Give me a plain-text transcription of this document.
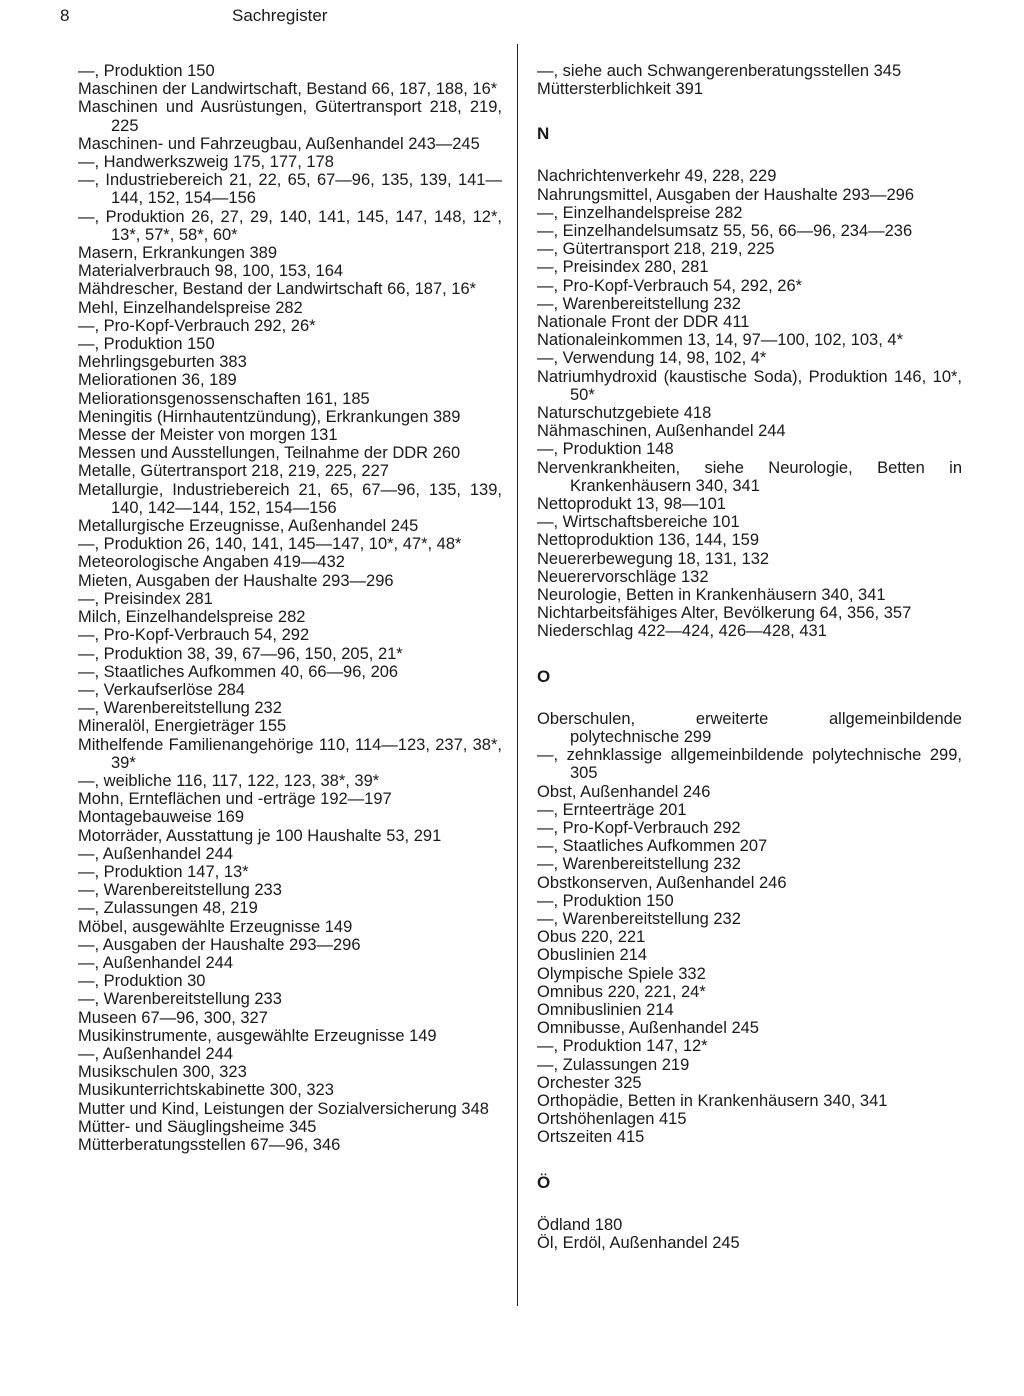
8	Sachregister

—, Produktion 150

Maschinen der Landwirtschaft, Bestand 66, 187, 188, 16*

Maschinen und Ausrüstungen, Gütertransport 218, 219, 225

Maschinen- und Fahrzeugbau, Außenhandel 243—245

—, Handwerkszweig 175, 177, 178

—, Industriebereich 21, 22, 65, 67—96, 135, 139, 141—144, 152, 154—156

—, Produktion 26, 27, 29, 140, 141, 145, 147, 148, 12*, 13*, 57*, 58*, 60*

Masern, Erkrankungen 389

Materialverbrauch 98, 100, 153, 164

Mähdrescher, Bestand der Landwirtschaft 66, 187, 16*

Mehl, Einzelhandelspreise 282

—, Pro-Kopf-Verbrauch 292, 26*

—, Produktion 150

Mehrlingsgeburten 383

Meliorationen 36, 189

Meliorationsgenossenschaften 161, 185

Meningitis (Hirnhautentzündung), Erkrankungen 389

Messe der Meister von morgen 131

Messen und Ausstellungen, Teilnahme der DDR 260

Metalle, Gütertransport 218, 219, 225, 227

Metallurgie, Industriebereich 21, 65, 67—96, 135, 139, 140, 142—144, 152, 154—156

Metallurgische Erzeugnisse, Außenhandel 245

—, Produktion 26, 140, 141, 145—147, 10*, 47*, 48*

Meteorologische Angaben 419—432

Mieten, Ausgaben der Haushalte 293—296

—, Preisindex 281

Milch, Einzelhandelspreise 282

—, Pro-Kopf-Verbrauch 54, 292

—, Produktion 38, 39, 67—96, 150, 205, 21*

—, Staatliches Aufkommen 40, 66—96, 206

—, Verkaufserlöse 284

—, Warenbereitstellung 232

Mineralöl, Energieträger 155

Mithelfende Familienangehörige 110, 114—123, 237, 38*, 39*

—, weibliche 116, 117, 122, 123, 38*, 39*

Mohn, Ernteflächen und -erträge 192—197

Montagebauweise 169

Motorräder, Ausstattung je 100 Haushalte 53, 291

—, Außenhandel 244

—, Produktion 147, 13*

—, Warenbereitstellung 233

—, Zulassungen 48, 219

Möbel, ausgewählte Erzeugnisse 149

—, Ausgaben der Haushalte 293—296

—, Außenhandel 244

—, Produktion 30

—, Warenbereitstellung 233

Museen 67—96, 300, 327

Musikinstrumente, ausgewählte Erzeugnisse 149

—, Außenhandel 244

Musikschulen 300, 323

Musikunterrichtskabinette 300, 323

Mutter und Kind, Leistungen der Sozialversicherung 348

Mütter- und Säuglingsheime 345

Mütterberatungsstellen 67—96, 346

—, siehe auch Schwangerenberatungsstellen 345

Müttersterblichkeit 391

N

Nachrichtenverkehr 49, 228, 229

Nahrungsmittel, Ausgaben der Haushalte 293—296

—, Einzelhandelspreise 282

—, Einzelhandelsumsatz 55, 56, 66—96, 234—236

—, Gütertransport 218, 219, 225

—, Preisindex 280, 281

—, Pro-Kopf-Verbrauch 54, 292, 26*

—, Warenbereitstellung 232

Nationale Front der DDR 411

Nationaleinkommen 13, 14, 97—100, 102, 103, 4*

—, Verwendung 14, 98, 102, 4*

Natriumhydroxid (kaustische Soda), Produktion 146, 10*, 50*

Naturschutzgebiete 418

Nähmaschinen, Außenhandel 244

—, Produktion 148

Nervenkrankheiten, siehe Neurologie, Betten in Krankenhäusern 340, 341

Nettoprodukt 13, 98—101

—, Wirtschaftsbereiche 101

Nettoproduktion 136, 144, 159

Neuererbewegung 18, 131, 132

Neuerervorschläge 132

Neurologie, Betten in Krankenhäusern 340, 341

Nichtarbeitsfähiges Alter, Bevölkerung 64, 356, 357

Niederschlag 422—424, 426—428, 431

O

Oberschulen, erweiterte allgemeinbildende polytechnische 299

—, zehnklassige allgemeinbildende polytechnische 299, 305

Obst, Außenhandel 246

—, Ernteerträge 201

—, Pro-Kopf-Verbrauch 292

—, Staatliches Aufkommen 207

—, Warenbereitstellung 232

Obstkonserven, Außenhandel 246

—, Produktion 150

—, Warenbereitstellung 232

Obus 220, 221

Obuslinien 214

Olympische Spiele 332

Omnibus 220, 221, 24*

Omnibuslinien 214

Omnibusse, Außenhandel 245

—, Produktion 147, 12*

—, Zulassungen 219

Orchester 325

Orthopädie, Betten in Krankenhäusern 340, 341

Ortshöhenlagen 415

Ortszeiten 415

Ö

Ödland 180

Öl, Erdöl, Außenhandel 245
